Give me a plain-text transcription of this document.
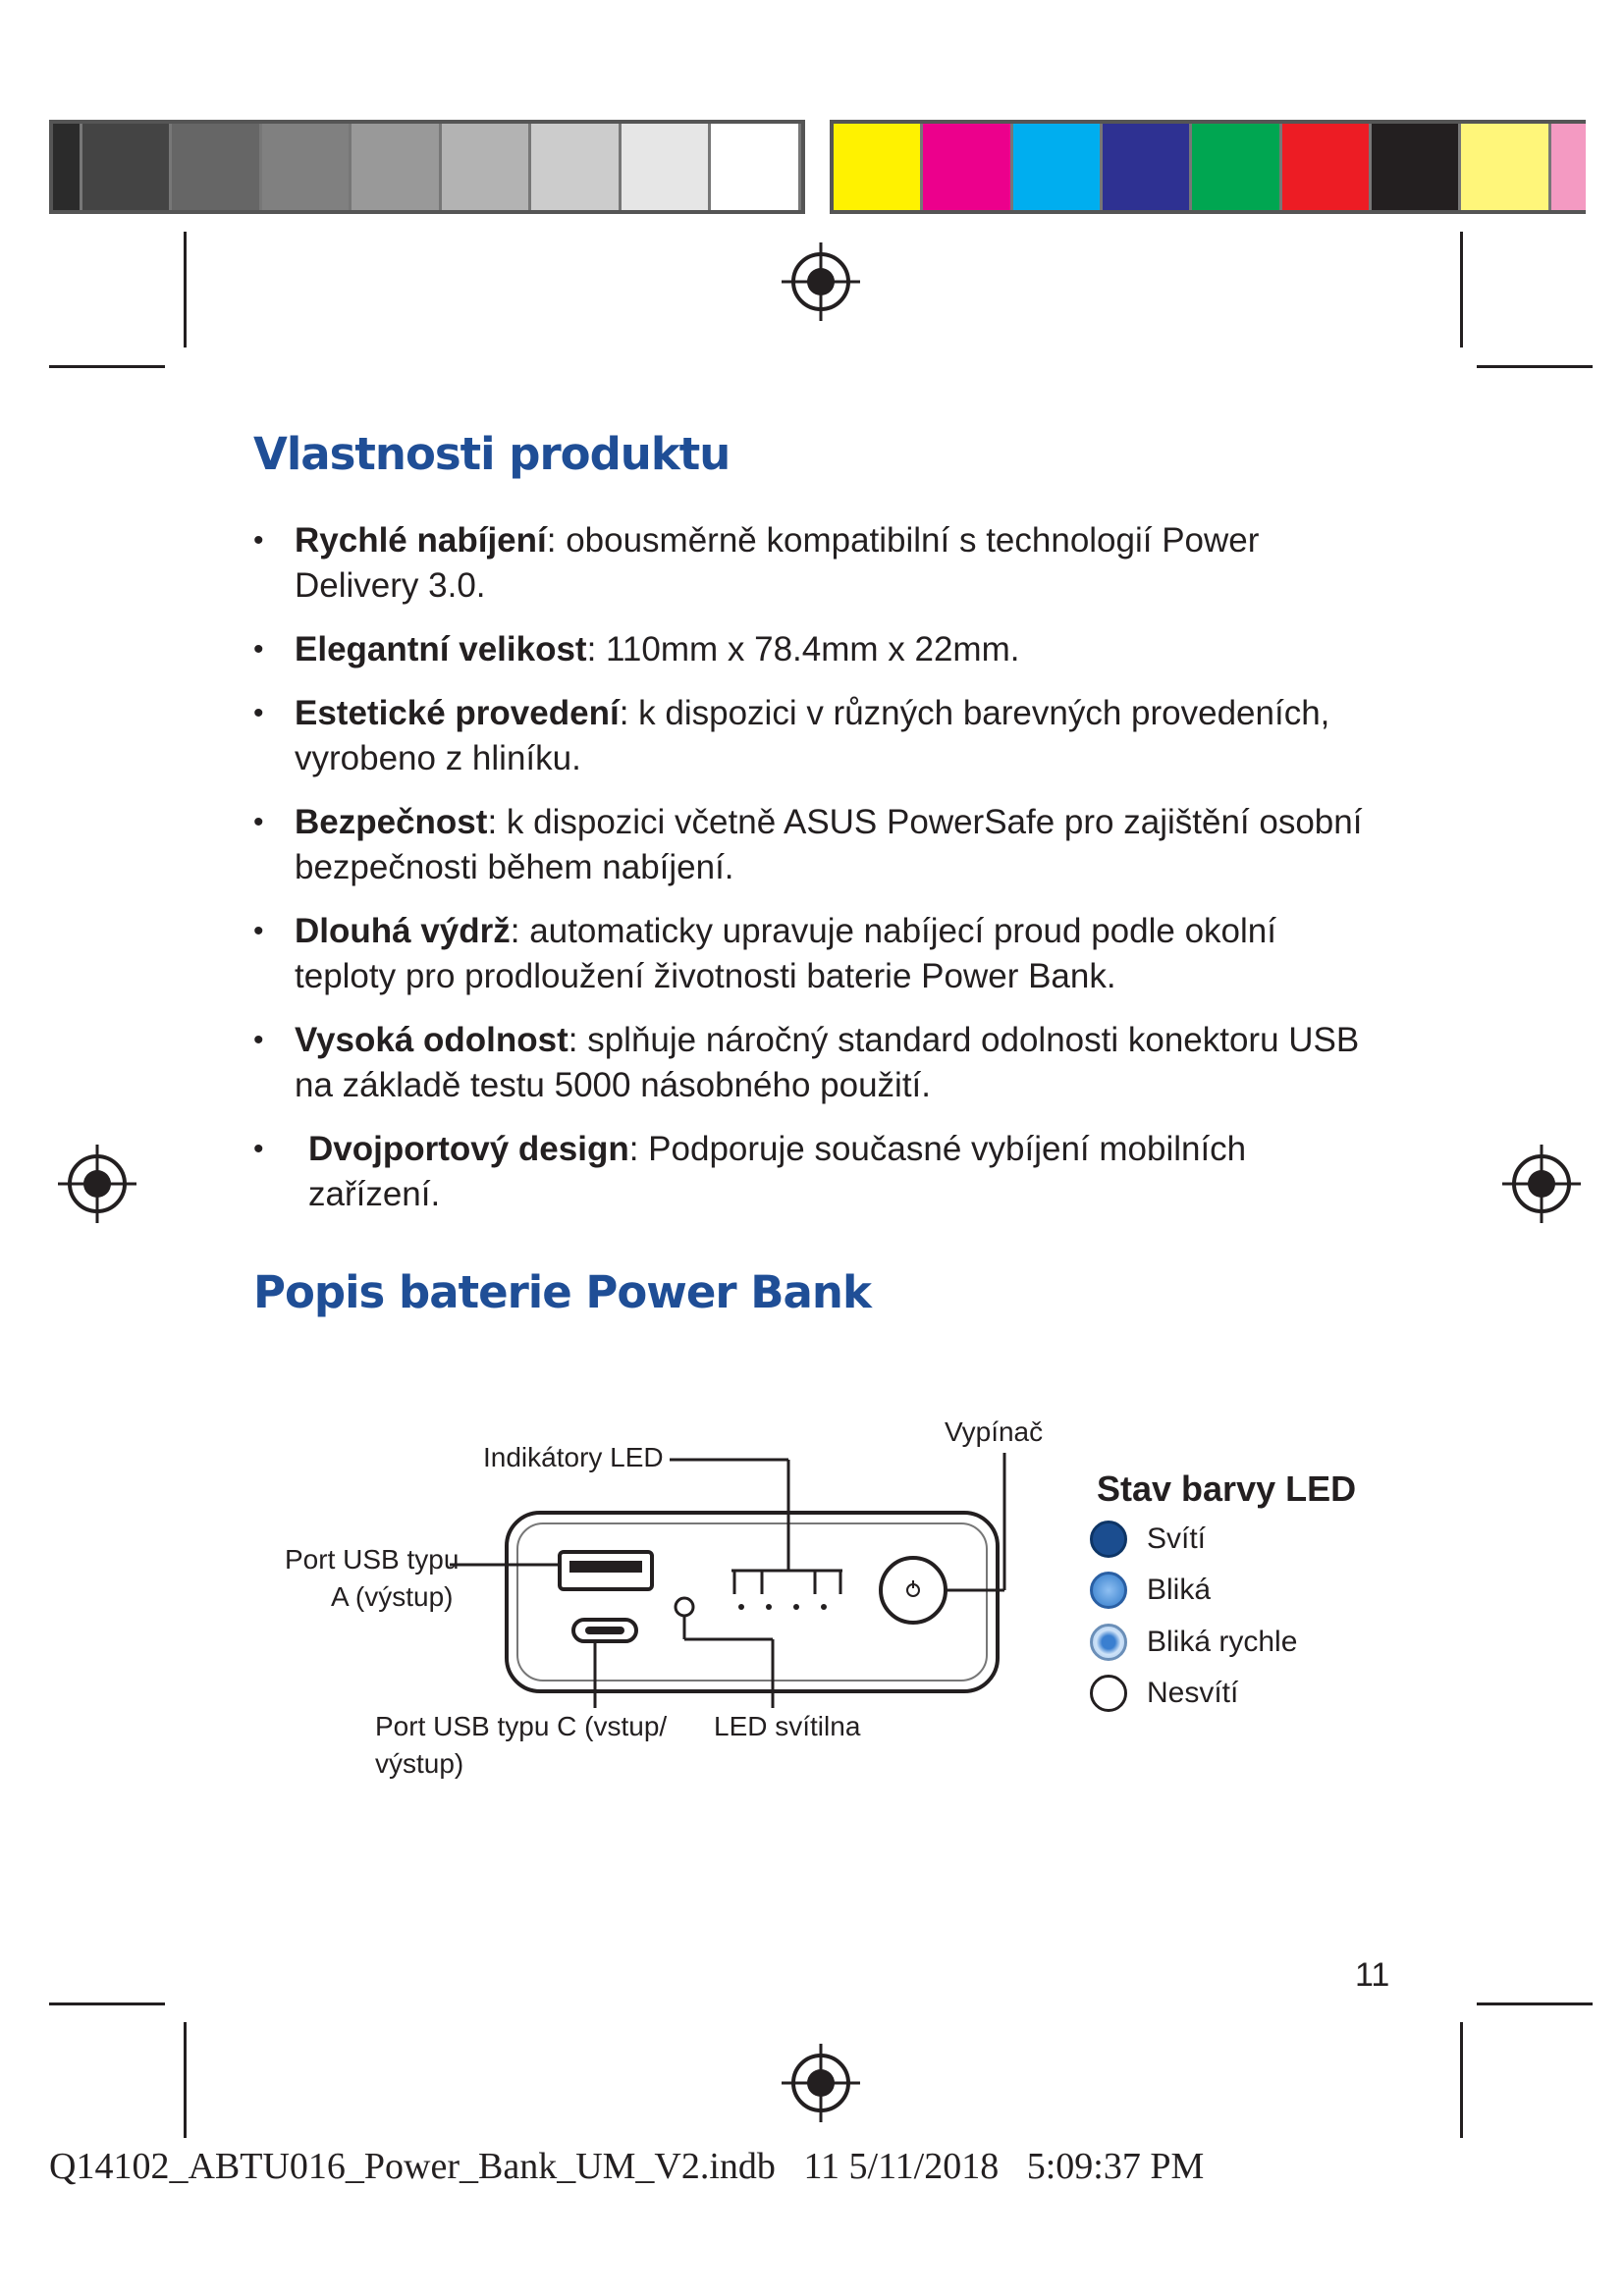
Vlastnosti produktu
• Rychlé nabíjení: obousměrně kompatibilní s technologií Power Delivery 3.0.
• Elegantní velikost: 110mm x 78.4mm x 22mm.
• Estetické provedení: k dispozici v různých barevných provedeních, vyrobeno z hliníku.
• Bezpečnost: k dispozici včetně ASUS PowerSafe pro zajištění osobní bezpečnosti během nabíjení.
• Dlouhá výdrž: automaticky upravuje nabíjecí proud podle okolní teploty pro prodloužení životnosti baterie Power Bank.
• Vysoká odolnost: splňuje náročný standard odolnosti konektoru USB na základě testu 5000 násobného použití.
• Dvojportový design: Podporuje současné vybíjení mobilních zařízení.
Popis baterie Power Bank
Indikátory LED
Vypínač
Port USB typu
A (výstup)
Port USB typu C (vstup/
výstup)
LED svítilna
Stav barvy LED
Svítí
Bliká
Bliká rychle
Nesvítí
11
Q14102_ABTU016_Power_Bank_UM_V2.indb 11 5/11/2018 5:09:37 PM
